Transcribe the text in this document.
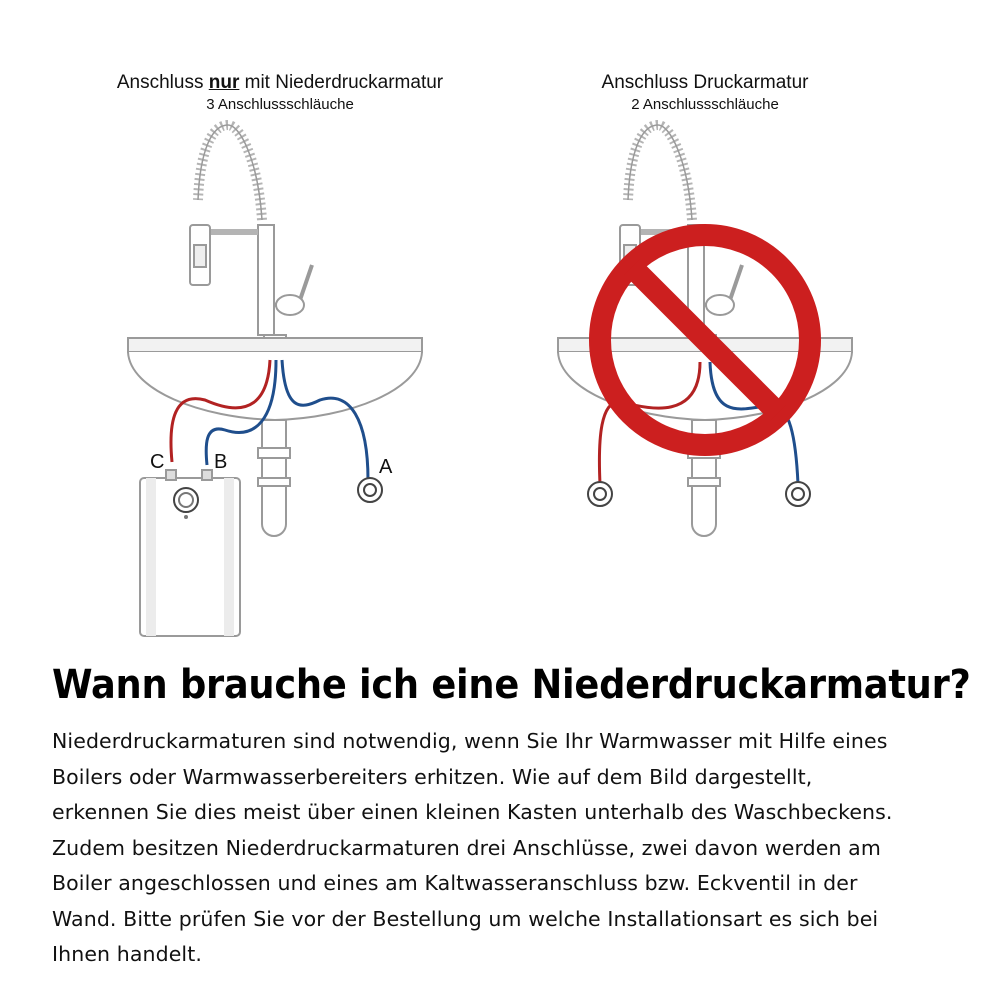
C B	A
Anschluss nur mit Niederdruckarmatur
3 Anschlussschläuche
Anschluss Druckarmatur
2 Anschlussschläuche
Wann brauche ich eine Niederdruckarmatur?

Niederdruckarmaturen sind notwendig, wenn Sie Ihr Warmwasser mit Hilfe eines

Boilers oder Warmwasserbereiters erhitzen. Wie auf dem Bild dargestellt,

erkennen Sie dies meist über einen kleinen Kasten unterhalb des Waschbeckens.

Zudem besitzen Niederdruckarmaturen drei Anschlüsse, zwei davon werden am

Boiler angeschlossen und eines am Kaltwasseranschluss bzw. Eckventil in der

Wand. Bitte prüfen Sie vor der Bestellung um welche Installationsart es sich bei

Ihnen handelt.
